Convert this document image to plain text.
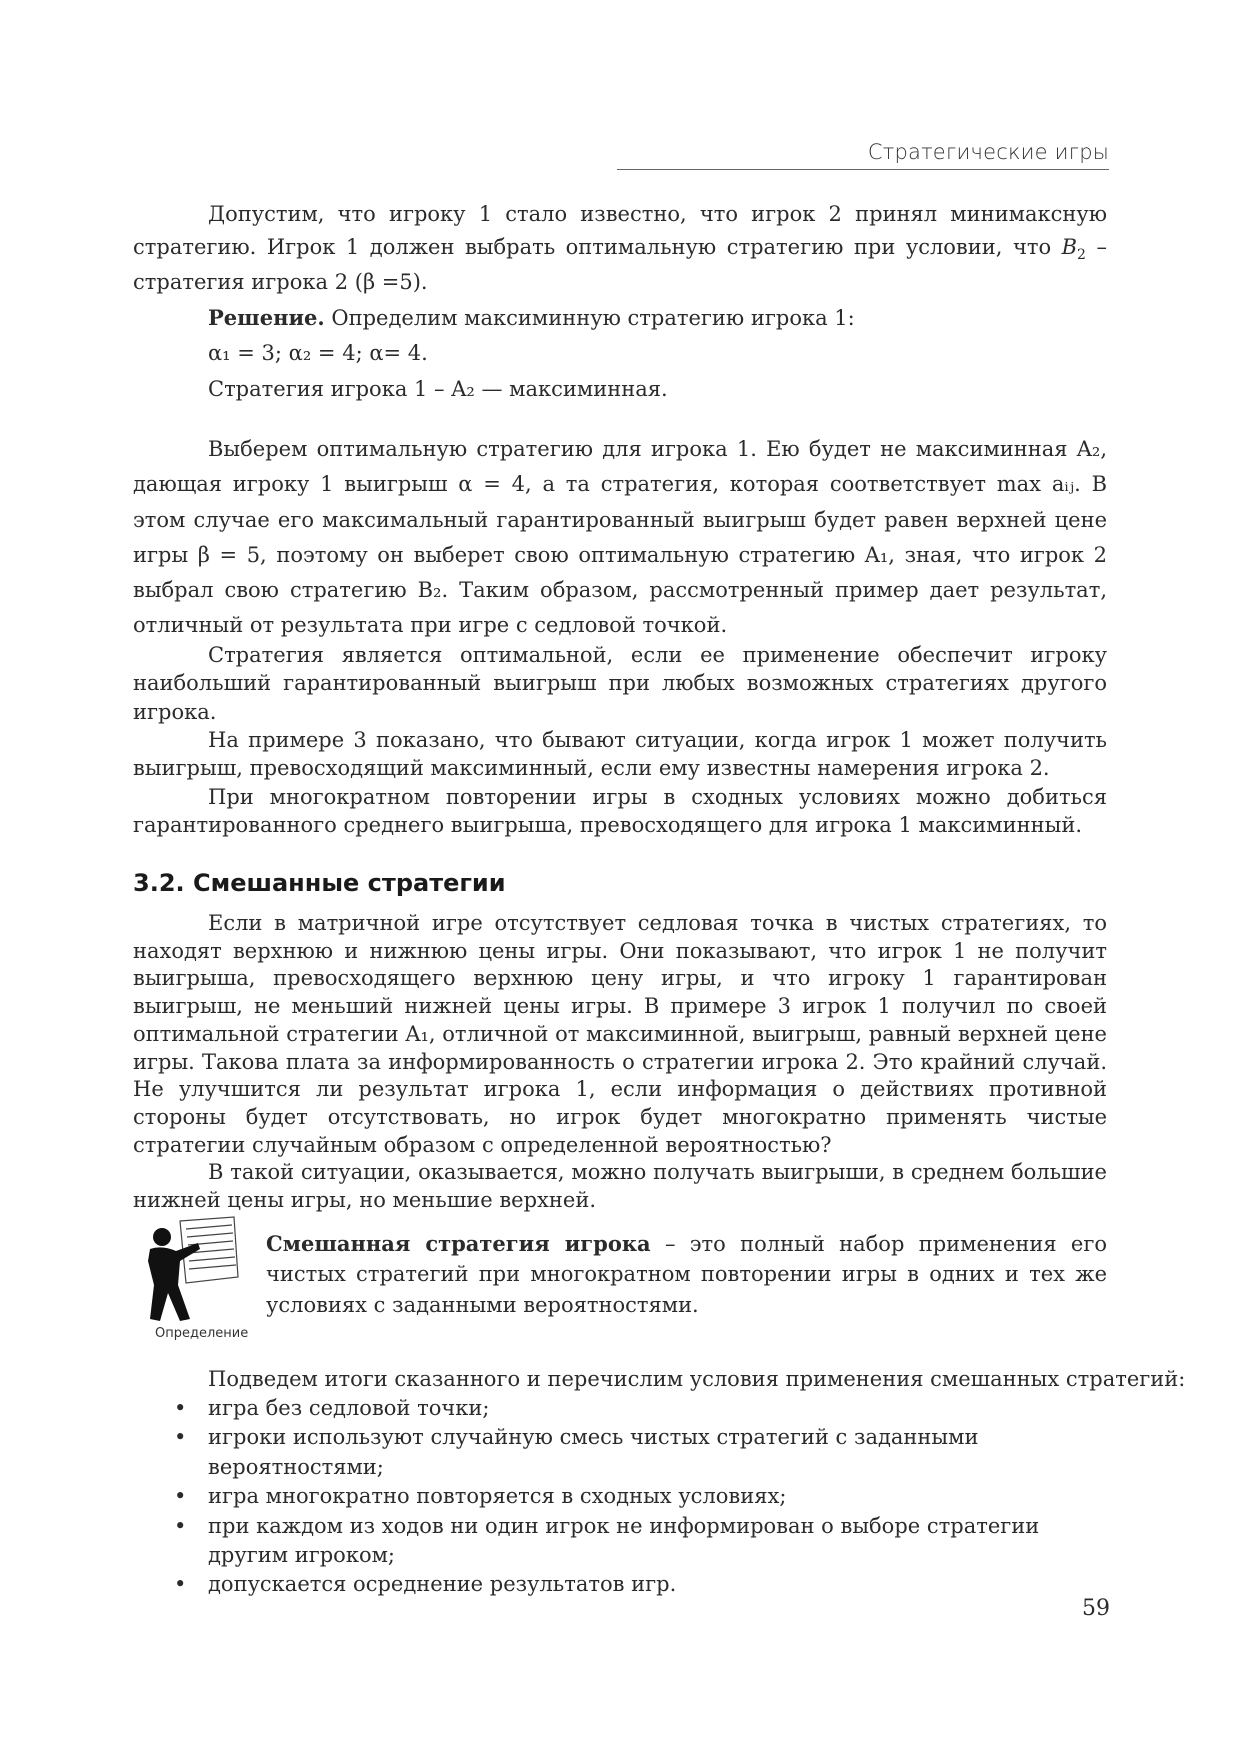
Стратегические игры

Допустим, что игроку 1 стало известно, что игрок 2 принял минимаксную стратегию. Игрок 1 должен выбрать оптимальную стратегию при условии, что $B_2$ – стратегия игрока 2 (β =5).

Решение. Определим максиминную стратегию игрока 1:

α₁ = 3; α₂ = 4; α= 4.

Стратегия игрока 1 – A₂ — максиминная.

Выберем оптимальную стратегию для игрока 1. Ею будет не максиминная A₂, дающая игроку 1 выигрыш α = 4, а та стратегия, которая соответствует max aᵢⱼ. В этом случае его максимальный гарантированный выигрыш будет равен верхней цене игры β = 5, поэтому он выберет свою оптимальную стратегию A₁, зная, что игрок 2 выбрал свою стратегию B₂. Таким образом, рассмотренный пример дает результат, отличный от результата при игре с седловой точкой.

Стратегия является оптимальной, если ее применение обеспечит игроку наибольший гарантированный выигрыш при любых возможных стратегиях другого игрока.

На примере 3 показано, что бывают ситуации, когда игрок 1 может получить выигрыш, превосходящий максиминный, если ему известны намерения игрока 2.

При многократном повторении игры в сходных условиях можно добиться гарантированного среднего выигрыша, превосходящего для игрока 1 максиминный.

3.2. Смешанные стратегии

Если в матричной игре отсутствует седловая точка в чистых стратегиях, то находят верхнюю и нижнюю цены игры. Они показывают, что игрок 1 не получит выигрыша, превосходящего верхнюю цену игры, и что игроку 1 гарантирован выигрыш, не меньший нижней цены игры. В примере 3 игрок 1 получил по своей оптимальной стратегии A₁, отличной от максиминной, выигрыш, равный верхней цене игры. Такова плата за информированность о стратегии игрока 2. Это крайний случай. Не улучшится ли результат игрока 1, если информация о действиях противной стороны будет отсутствовать, но игрок будет многократно применять чистые стратегии случайным образом с определенной вероятностью?

В такой ситуации, оказывается, можно получать выигрыши, в среднем большие нижней цены игры, но меньшие верхней.

Определение
Смешанная стратегия игрока – это полный набор применения его чистых стратегий при многократном повторении игры в одних и тех же условиях с заданными вероятностями.
Подведем итоги сказанного и перечислим условия применения смешанных стратегий:
• игра без седловой точки;
• игроки используют случайную смесь чистых стратегий с заданными вероятностями;
• игра многократно повторяется в сходных условиях;
• при каждом из ходов ни один игрок не информирован о выборе стратегии другим игроком;
• допускается осреднение результатов игр.
59
